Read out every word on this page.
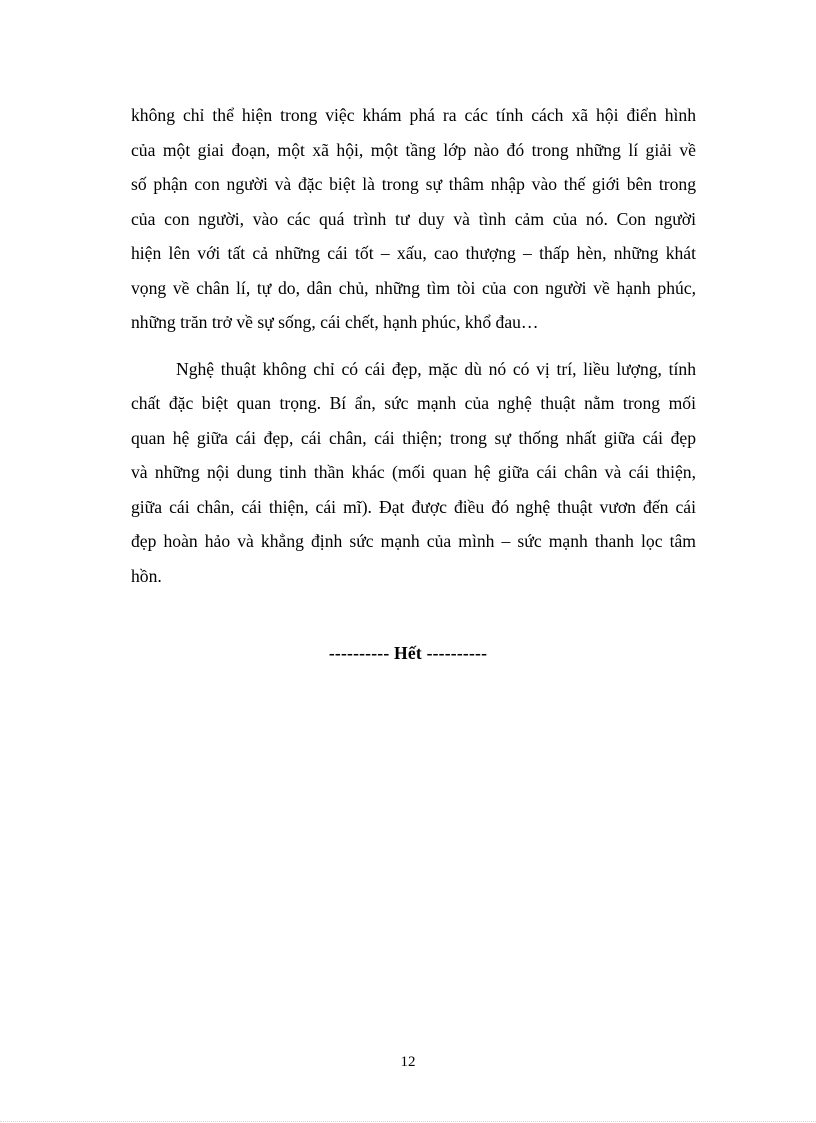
không chỉ thể hiện trong việc khám phá ra các tính cách xã hội điển hình
của một giai đoạn, một xã hội, một tầng lớp nào đó trong những lí giải về
số phận con người và đặc biệt là trong sự thâm nhập vào thế giới bên trong
của con người, vào các quá trình tư duy và tình cảm của nó. Con người
hiện lên với tất cả những cái tốt – xấu, cao thượng – thấp hèn, những khát
vọng về chân lí, tự do, dân chủ, những tìm tòi của con người về hạnh phúc,
những trăn trở về sự sống, cái chết, hạnh phúc, khổ đau…
Nghệ thuật không chỉ có cái đẹp, mặc dù nó có vị trí, liều lượng, tính
chất đặc biệt quan trọng. Bí ẩn, sức mạnh của nghệ thuật nằm trong mối
quan hệ giữa cái đẹp, cái chân, cái thiện; trong sự thống nhất giữa cái đẹp
và những nội dung tinh thần khác (mối quan hệ giữa cái chân và cái thiện,
giữa cái chân, cái thiện, cái mĩ). Đạt được điều đó nghệ thuật vươn đến cái
đẹp hoàn hảo và khẳng định sức mạnh của mình – sức mạnh thanh lọc tâm
hồn.
---------- Hết ----------
12
